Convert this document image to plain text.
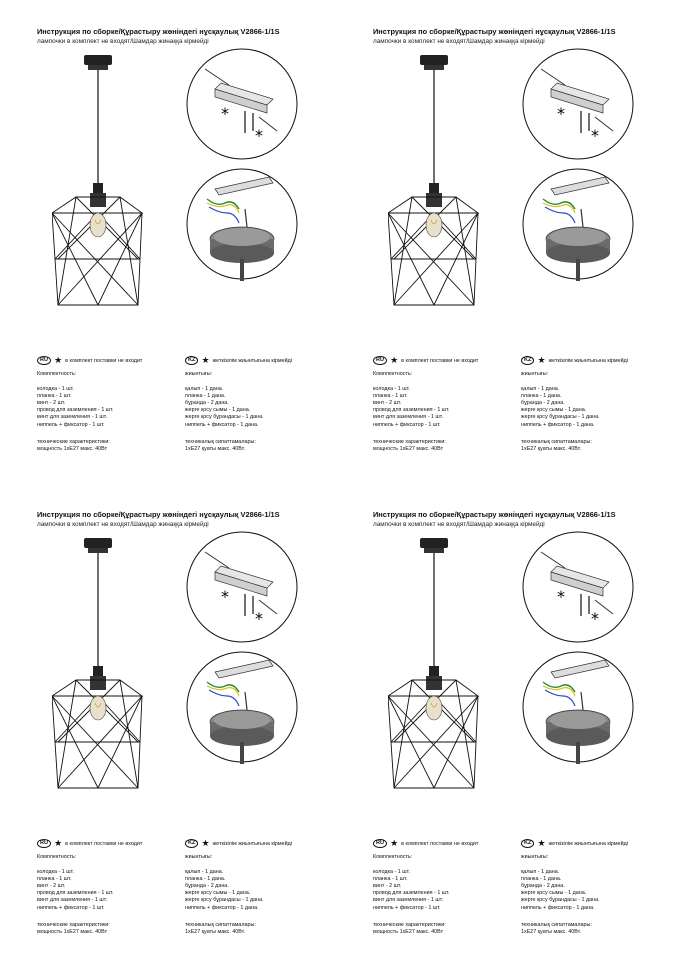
Инструкция по сборке/Құрастыру жөніндегі нұсқаулық V2866-1/1S
лампочки в комплект не входят/Шамдар жинаққа кірмейді
*
*
RU ★ в комплект поставки не входит	KZ ★ жеткізілім жиынтығына кірмейді
Комплектность:
колодка - 1 шт.
планка - 1 шт.
винт - 2 шт.
провод для заземления - 1 шт.
винт для заземления - 1 шт.
ниппель + фиксатор - 1 шт.
технические характеристики:
мощность 1хЕ27 макс. 40Вт
жиынтығы:
қалып - 1 дана.
планка - 1 дана.
бұранда - 2 дана.
жерге қосу сымы - 1 дана.
жерге қосу бұрандасы - 1 дана.
ниппель + фиксатор - 1 дана.
техникалық сипаттамалары:
1хЕ27 қуаты макс. 40Вт.
Инструкция по сборке/Құрастыру жөніндегі нұсқаулық V2866-1/1S
лампочки в комплект не входят/Шамдар жинаққа кірмейді
*
*
RU ★ в комплект поставки не входит	KZ ★ жеткізілім жиынтығына кірмейді
Комплектность:
колодка - 1 шт.
планка - 1 шт.
винт - 2 шт.
провод для заземления - 1 шт.
винт для заземления - 1 шт.
ниппель + фиксатор - 1 шт.
технические характеристики:
мощность 1хЕ27 макс. 40Вт
жиынтығы:
қалып - 1 дана.
планка - 1 дана.
бұранда - 2 дана.
жерге қосу сымы - 1 дана.
жерге қосу бұрандасы - 1 дана.
ниппель + фиксатор - 1 дана.
техникалық сипаттамалары:
1хЕ27 қуаты макс. 40Вт.
Инструкция по сборке/Құрастыру жөніндегі нұсқаулық V2866-1/1S
лампочки в комплект не входят/Шамдар жинаққа кірмейді
*
*
RU ★ в комплект поставки не входит	KZ ★ жеткізілім жиынтығына кірмейді
Комплектность:
колодка - 1 шт.
планка - 1 шт.
винт - 2 шт.
провод для заземления - 1 шт.
винт для заземления - 1 шт.
ниппель + фиксатор - 1 шт.
технические характеристики:
мощность 1хЕ27 макс. 40Вт
жиынтығы:
қалып - 1 дана.
планка - 1 дана.
бұранда - 2 дана.
жерге қосу сымы - 1 дана.
жерге қосу бұрандасы - 1 дана.
ниппель + фиксатор - 1 дана.
техникалық сипаттамалары:
1хЕ27 қуаты макс. 40Вт.
Инструкция по сборке/Құрастыру жөніндегі нұсқаулық V2866-1/1S
лампочки в комплект не входят/Шамдар жинаққа кірмейді
*
*
RU ★ в комплект поставки не входит	KZ ★ жеткізілім жиынтығына кірмейді
Комплектность:
колодка - 1 шт.
планка - 1 шт.
винт - 2 шт.
провод для заземления - 1 шт.
винт для заземления - 1 шт.
ниппель + фиксатор - 1 шт.
технические характеристики:
мощность 1хЕ27 макс. 40Вт
жиынтығы:
қалып - 1 дана.
планка - 1 дана.
бұранда - 2 дана.
жерге қосу сымы - 1 дана.
жерге қосу бұрандасы - 1 дана.
ниппель + фиксатор - 1 дана.
техникалық сипаттамалары:
1хЕ27 қуаты макс. 40Вт.
